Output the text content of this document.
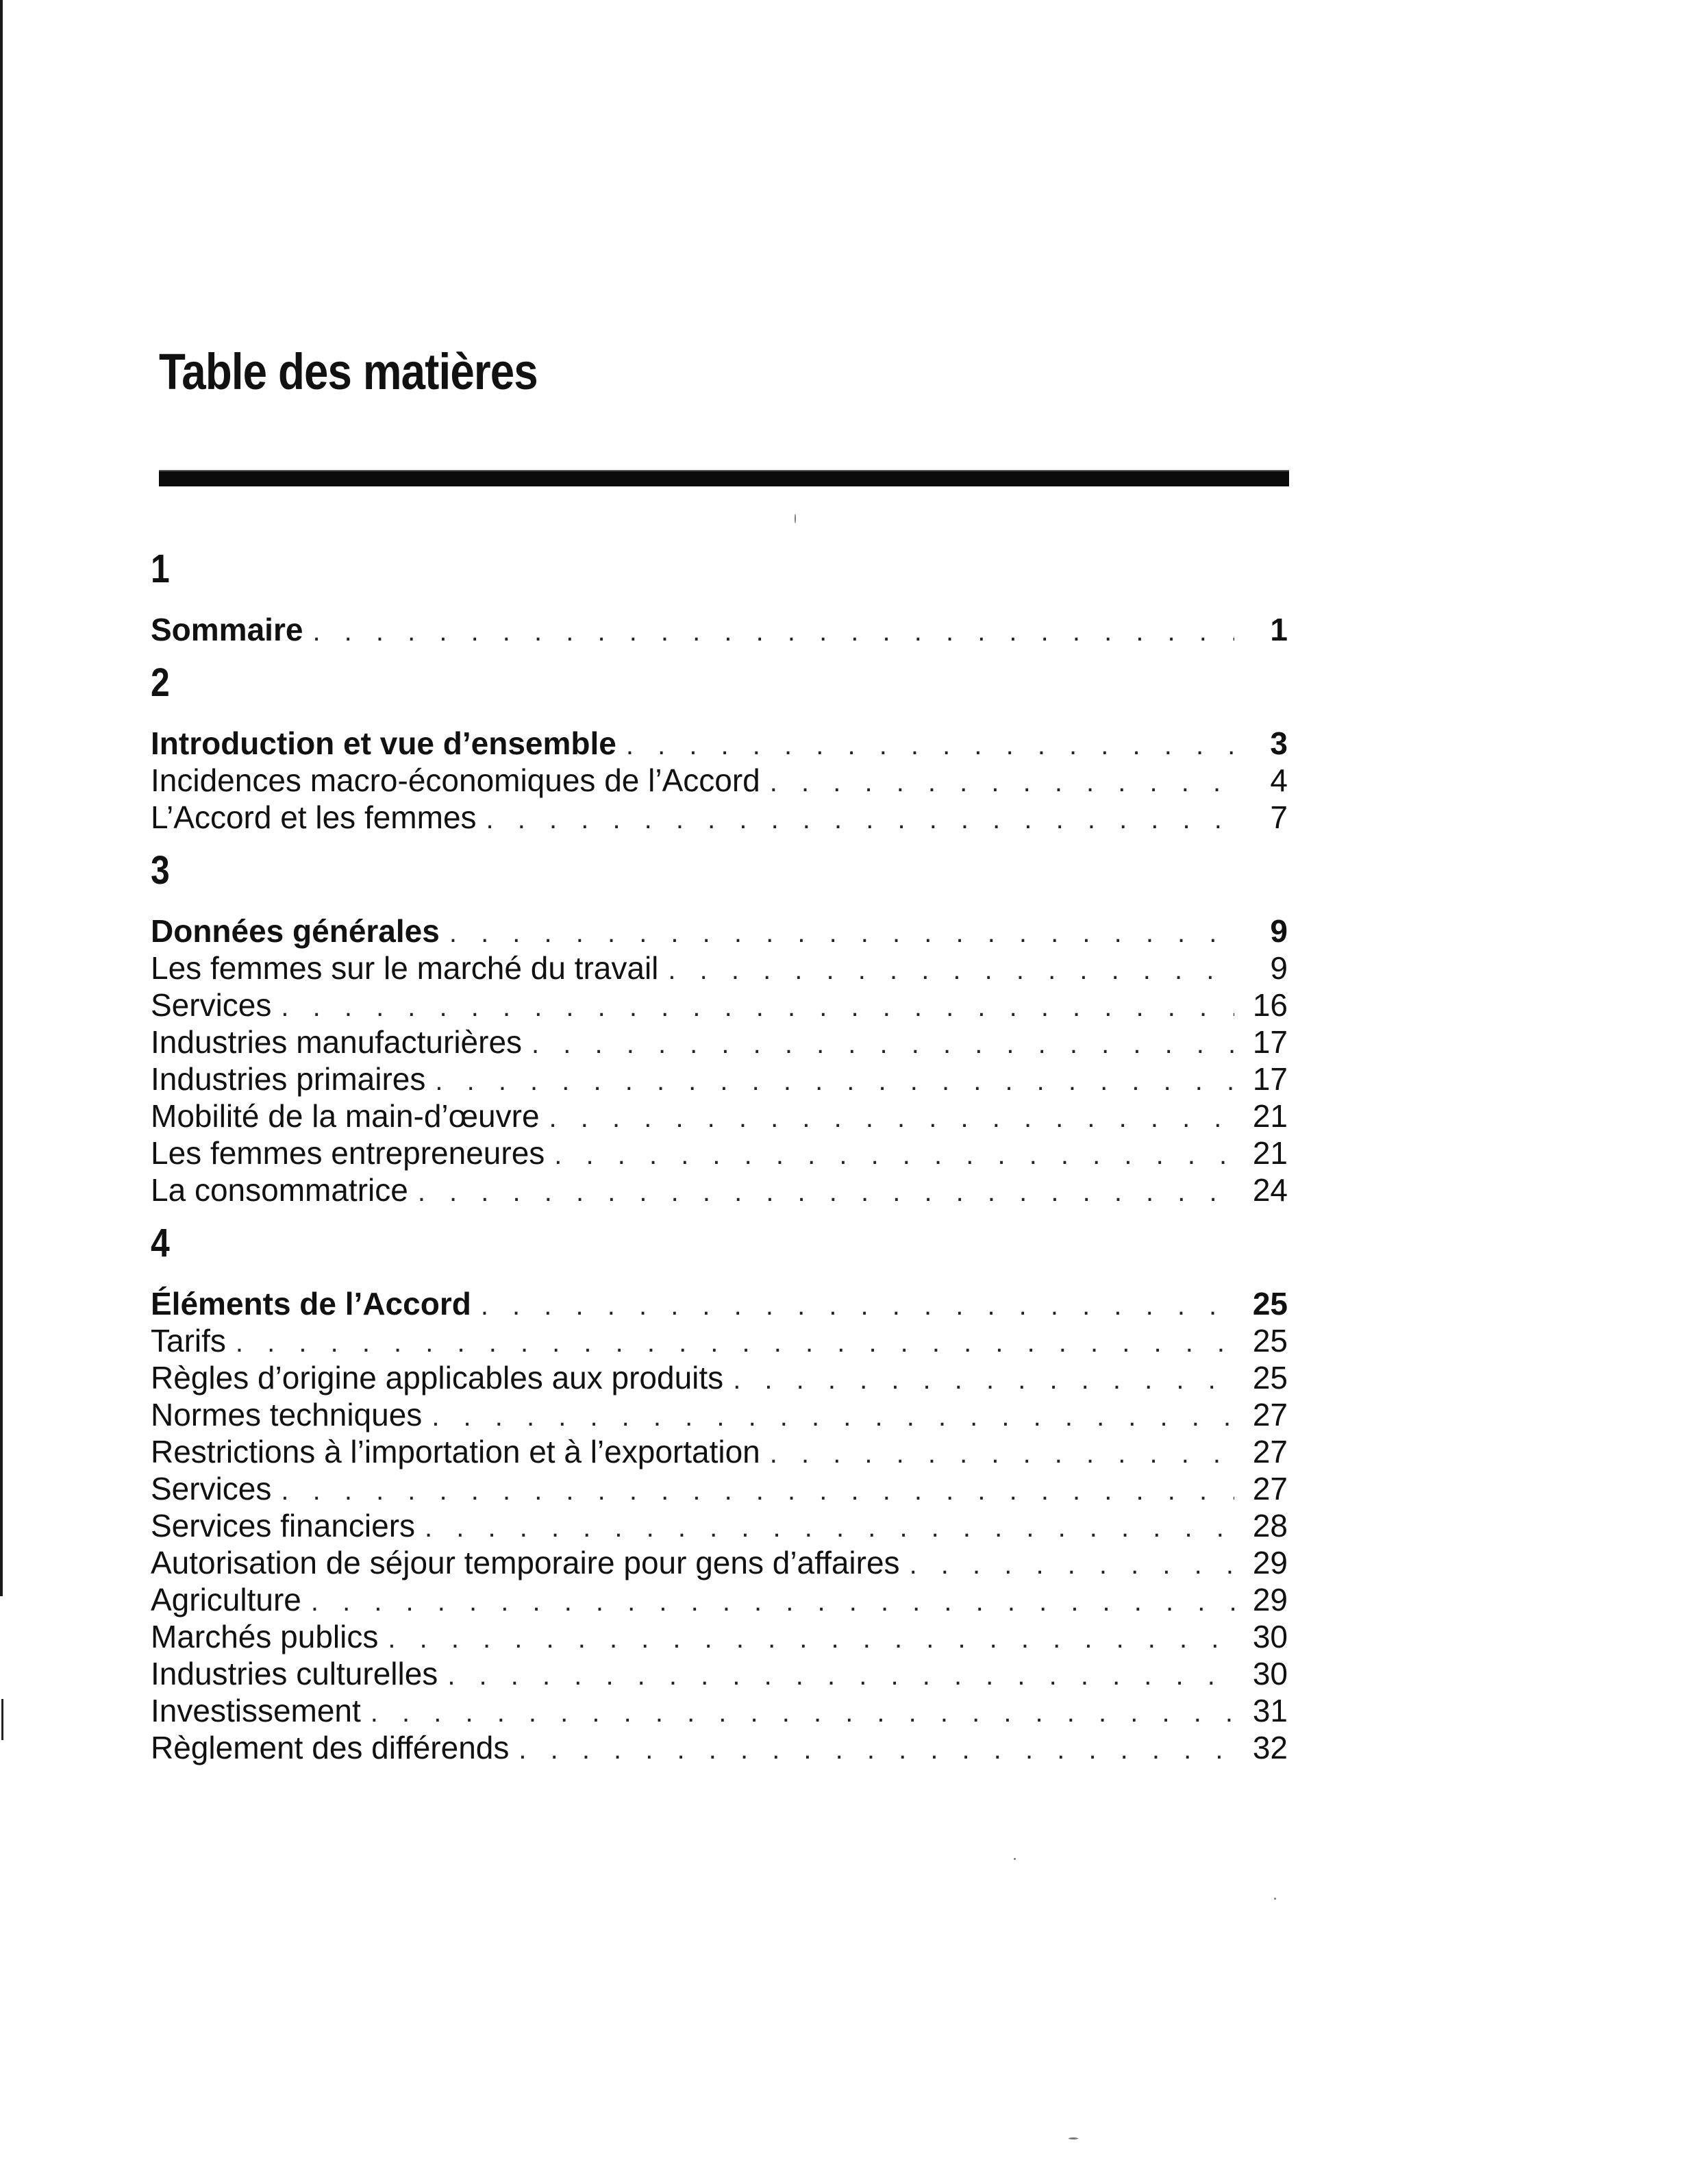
Table des matières
1
Sommaire . . .	1
2
Introduction et vue d’ensemble . . .	3
Incidences macro-économiques de l’Accord . . .	4
L’Accord et les femmes . . .	7
3
Données générales . . .	9
Les femmes sur le marché du travail . . .	9
Services . . .	16
Industries manufacturières . . .	17
Industries primaires . . .	17
Mobilité de la main-d’œuvre . . .	21
Les femmes entrepreneures . . .	21
La consommatrice . . .	24
4
Éléments de l’Accord . . .	25
Tarifs . . .	25
Règles d’origine applicables aux produits . . .	25
Normes techniques . . .	27
Restrictions à l’importation et à l’exportation . . .	27
Services . . .	27
Services financiers . . .	28
Autorisation de séjour temporaire pour gens d’affaires . . .	29
Agriculture . . .	29
Marchés publics . . .	30
Industries culturelles . . .	30
Investissement . . .	31
Règlement des différends . . .	32
